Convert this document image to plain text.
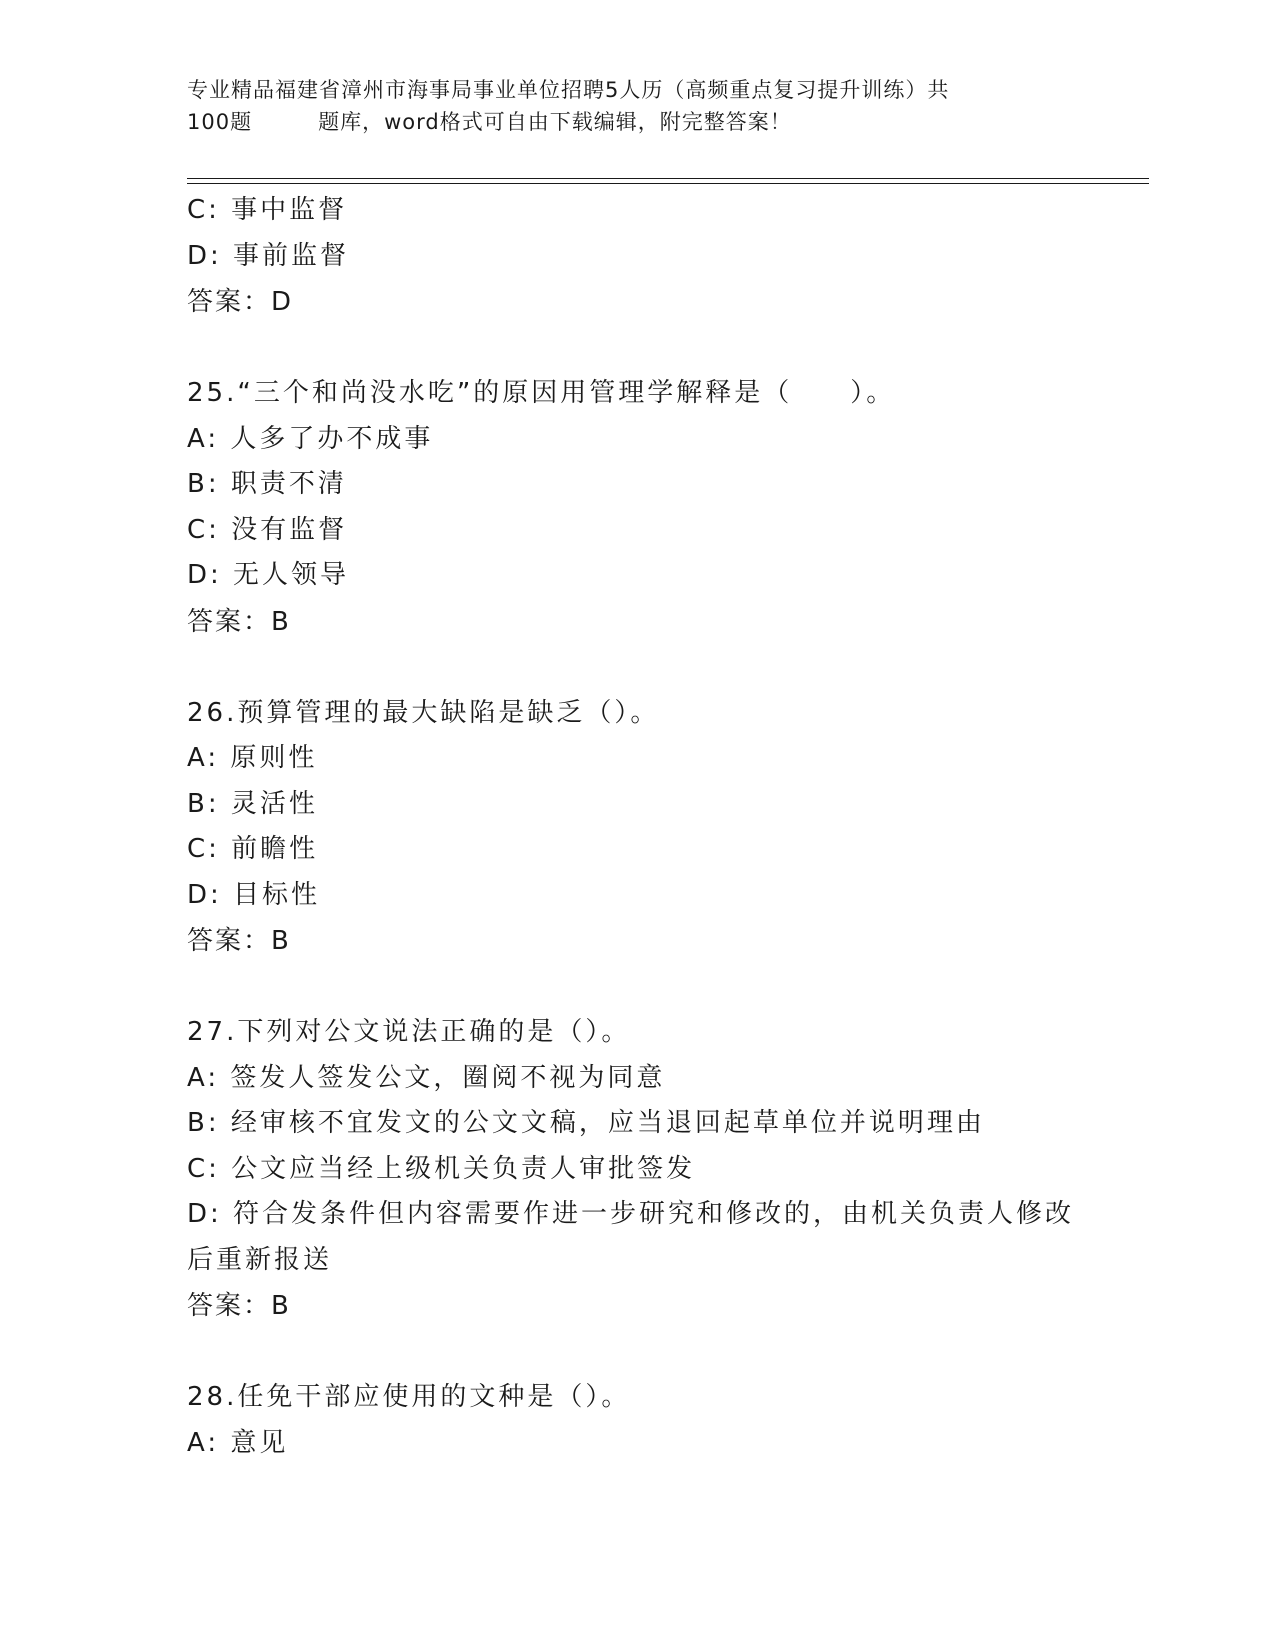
专业精品福建省漳州市海事局事业单位招聘5人历（高频重点复习提升训练）共
100题	题库，word格式可自由下载编辑，附完整答案！
C: 事中监督
D: 事前监督
答案：D
25.“三个和尚没水吃”的原因用管理学解释是（　　）。
A: 人多了办不成事
B: 职责不清
C: 没有监督
D: 无人领导
答案：B
26.预算管理的最大缺陷是缺乏（）。
A: 原则性
B: 灵活性
C: 前瞻性
D: 目标性
答案：B
27.下列对公文说法正确的是（）。
A: 签发人签发公文，圈阅不视为同意
B: 经审核不宜发文的公文文稿，应当退回起草单位并说明理由
C: 公文应当经上级机关负责人审批签发
D: 符合发条件但内容需要作进一步研究和修改的，由机关负责人修改
后重新报送
答案：B
28.任免干部应使用的文种是（）。
A: 意见
